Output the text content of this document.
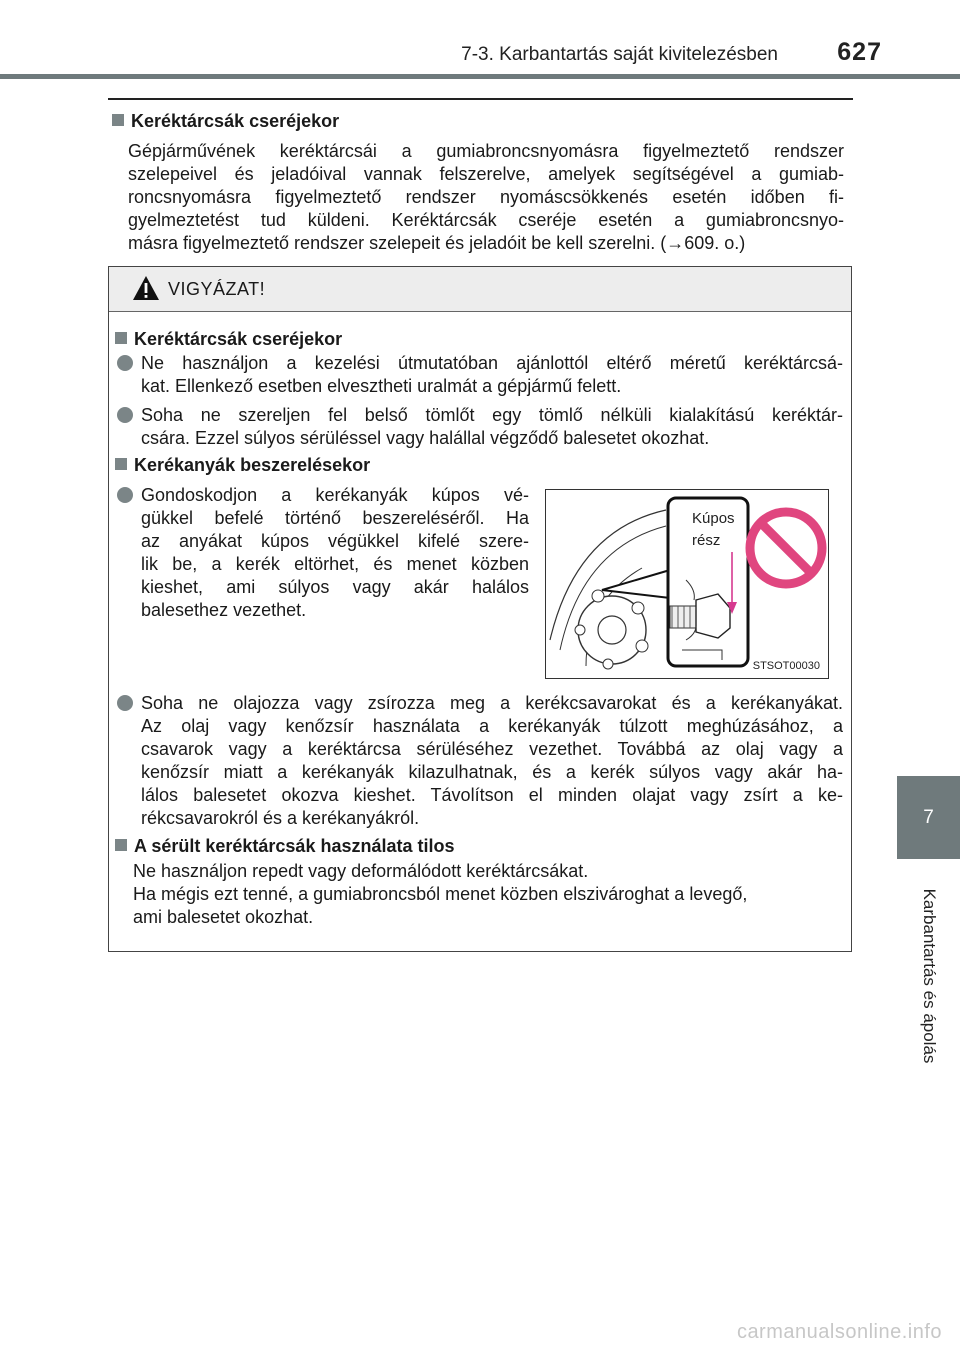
7-3. Karbantartás saját kivitelezésben 627
7
Karbantartás és ápolás
Keréktárcsák cseréjekor
Gépjárművének keréktárcsái a gumiabroncsnyomásra figyelmeztető rendszer
szelepeivel és jeladóival vannak felszerelve, amelyek segítségével a gumiab-
roncsnyomásra figyelmeztető rendszer nyomáscsökkenés esetén időben fi-
gyelmeztetést tud küldeni. Keréktárcsák cseréje esetén a gumiabroncsnyo-
másra figyelmeztető rendszer szelepeit és jeladóit be kell szerelni. (→609. o.)
VIGYÁZAT!
Keréktárcsák cseréjekor
Ne használjon a kezelési útmutatóban ajánlottól eltérő méretű keréktárcsá-
kat. Ellenkező esetben elvesztheti uralmát a gépjármű felett.
Soha ne szereljen fel belső tömlőt egy tömlő nélküli kialakítású keréktár-
csára. Ezzel súlyos sérüléssel vagy halállal végződő balesetet okozhat.
Kerékanyák beszerelésekor
Gondoskodjon a kerékanyák kúpos vé-
gükkel befelé történő beszereléséről. Ha
az anyákat kúpos végükkel kifelé szere-
lik be, a kerék eltörhet, és menet közben
kieshet, ami súlyos vagy akár halálos
balesethez vezethet.
Kúpos
rész
STSOT00030
Soha ne olajozza vagy zsírozza meg a kerékcsavarokat és a kerékanyákat.
Az olaj vagy kenőzsír használata a kerékanyák túlzott meghúzásához, a
csavarok vagy a keréktárcsa sérüléséhez vezethet. Továbbá az olaj vagy a
kenőzsír miatt a kerékanyák kilazulhatnak, és a kerék súlyos vagy akár ha-
lálos balesetet okozva kieshet. Távolítson el minden olajat vagy zsírt a ke-
rékcsavarokról és a kerékanyákról.
A sérült keréktárcsák használata tilos
Ne használjon repedt vagy deformálódott keréktárcsákat.
Ha mégis ezt tenné, a gumiabroncsból menet közben elszivároghat a levegő,
ami balesetet okozhat.
carmanualsonline.info
